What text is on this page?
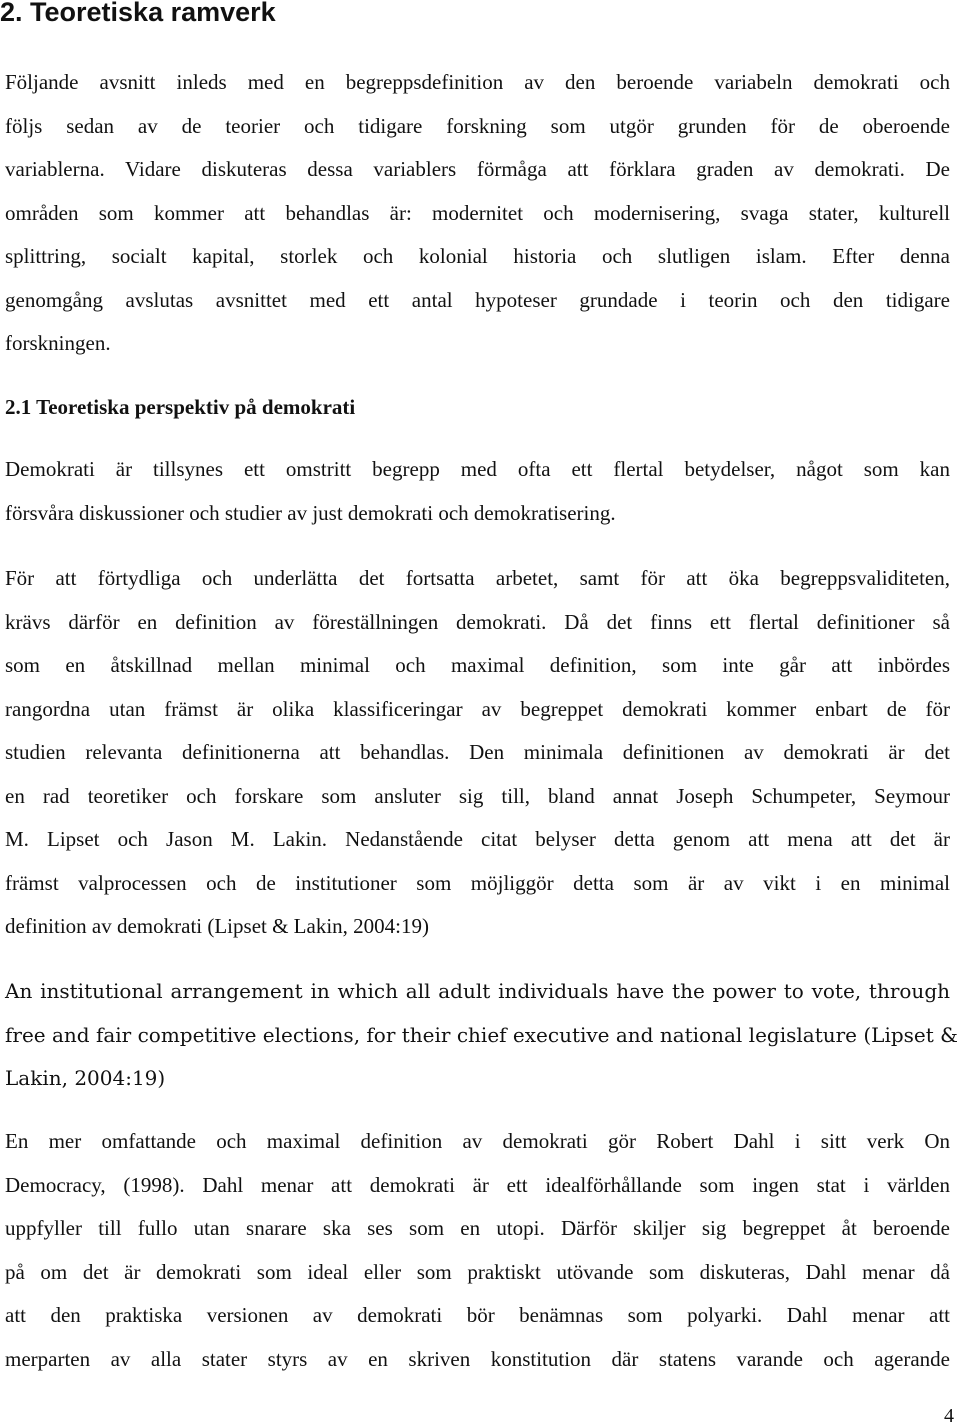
2. Teoretiska ramverk
Följande avsnitt inleds med en begreppsdefinition av den beroende variabeln demokrati och
följs sedan av de teorier och tidigare forskning som utgör grunden för de oberoende
variablerna. Vidare diskuteras dessa variablers förmåga att förklara graden av demokrati. De
områden som kommer att behandlas är: modernitet och modernisering, svaga stater, kulturell
splittring, socialt kapital, storlek och kolonial historia och slutligen islam. Efter denna
genomgång avslutas avsnittet med ett antal hypoteser grundade i teorin och den tidigare
forskningen.
2.1 Teoretiska perspektiv på demokrati
Demokrati är tillsynes ett omstritt begrepp med ofta ett flertal betydelser, något som kan
försvåra diskussioner och studier av just demokrati och demokratisering.
För att förtydliga och underlätta det fortsatta arbetet, samt för att öka begreppsvaliditeten,
krävs därför en definition av föreställningen demokrati. Då det finns ett flertal definitioner så
som en åtskillnad mellan minimal och maximal definition, som inte går att inbördes
rangordna utan främst är olika klassificeringar av begreppet demokrati kommer enbart de för
studien relevanta definitionerna att behandlas. Den minimala definitionen av demokrati är det
en rad teoretiker och forskare som ansluter sig till, bland annat Joseph Schumpeter, Seymour
M. Lipset och Jason M. Lakin. Nedanstående citat belyser detta genom att mena att det är
främst valprocessen och de institutioner som möjliggör detta som är av vikt i en minimal
definition av demokrati (Lipset & Lakin, 2004:19)
An institutional arrangement in which all adult individuals have the power to vote, through
free and fair competitive elections, for their chief executive and national legislature (Lipset &
Lakin, 2004:19)
En mer omfattande och maximal definition av demokrati gör Robert Dahl i sitt verk On
Democracy, (1998). Dahl menar att demokrati är ett idealförhållande som ingen stat i världen
uppfyller till fullo utan snarare ska ses som en utopi. Därför skiljer sig begreppet åt beroende
på om det är demokrati som ideal eller som praktiskt utövande som diskuteras, Dahl menar då
att den praktiska versionen av demokrati bör benämnas som polyarki. Dahl menar att
merparten av alla stater styrs av en skriven konstitution där statens varande och agerande
4
